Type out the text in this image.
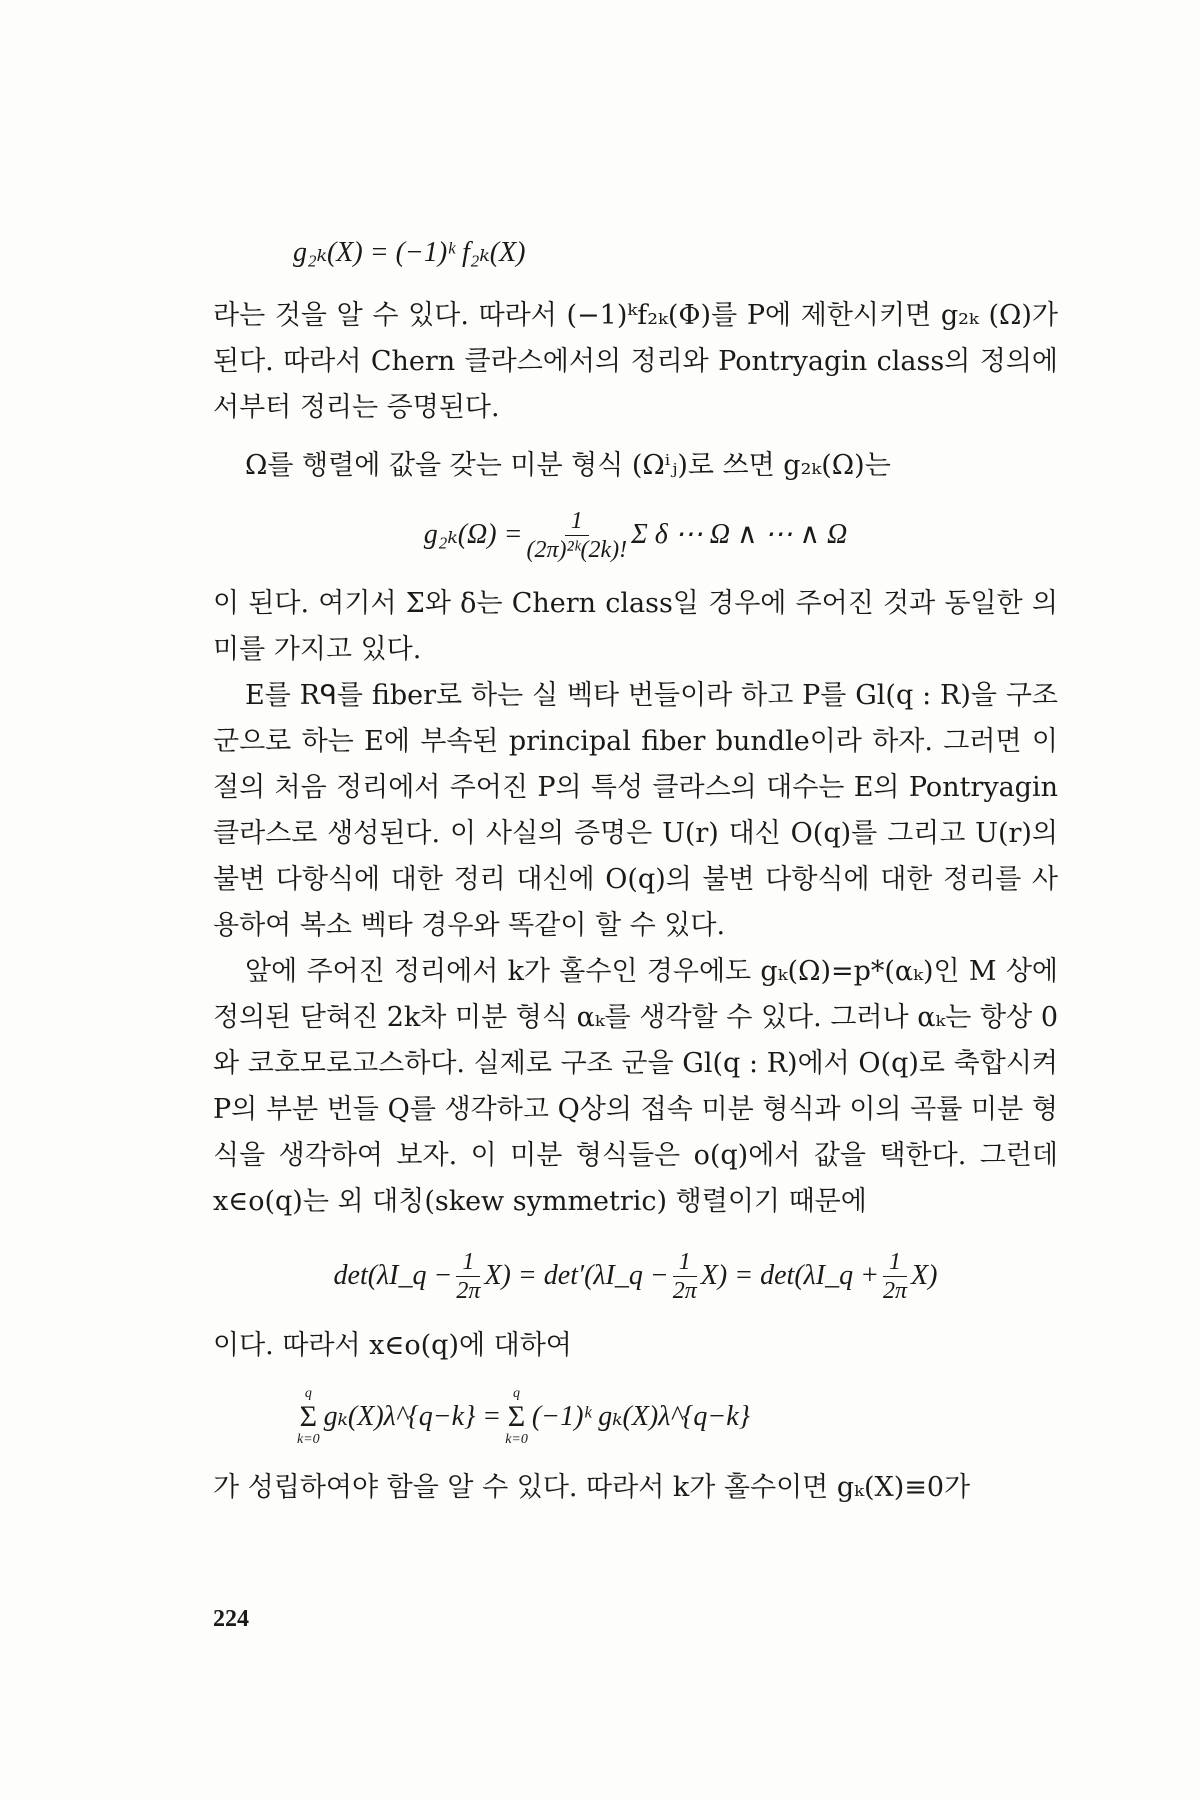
g₂ₖ(X) = (−1)ᵏ f₂ₖ(X)

라는 것을 알 수 있다. 따라서 (−1)ᵏf₂ₖ(Φ)를 P에 제한시키면 g₂ₖ (Ω)가 된다. 따라서 Chern 클라스에서의 정리와 Pontryagin class의 정의에서부터 정리는 증명된다.

Ω를 행렬에 값을 갖는 미분 형식 (Ωⁱⱼ)로 쓰면 g₂ₖ(Ω)는

$g_{2k}(\Omega) = \frac{1}{\text{(2π)²ᵏ(2k)!}}$ Σ δ ⋯ Ω ∧ ⋯ ∧ Ω

이 된다. 여기서 Σ와 δ는 Chern class일 경우에 주어진 것과 동일한 의미를 가지고 있다.

E를 Rᑫ를 fiber로 하는 실 벡타 번들이라 하고 P를 Gl(q : R)을 구조 군으로 하는 E에 부속된 principal fiber bundle이라 하자. 그러면 이 절의 처음 정리에서 주어진 P의 특성 클라스의 대수는 E의 Pontryagin 클라스로 생성된다. 이 사실의 증명은 U(r) 대신 O(q)를 그리고 U(r)의 불변 다항식에 대한 정리 대신에 O(q)의 불변 다항식에 대한 정리를 사용하여 복소 벡타 경우와 똑같이 할 수 있다.

앞에 주어진 정리에서 k가 홀수인 경우에도 gₖ(Ω)=p*(αₖ)인 M 상에 정의된 닫혀진 2k차 미분 형식 αₖ를 생각할 수 있다. 그러나 αₖ는 항상 0와 코호모로고스하다. 실제로 구조 군을 Gl(q : R)에서 O(q)로 축합시켜 P의 부분 번들 Q를 생각하고 Q상의 접속 미분 형식과 이의 곡률 미분 형식을 생각하여 보자. 이 미분 형식들은 o(q)에서 값을 택한다. 그런데 x∈o(q)는 외 대칭(skew symmetric) 행렬이기 때문에

det(λI_q − $\frac{1}{2\pi} X$) = det′(λI_q − $\frac{1}{2\pi} X$) = det(λI_q + $\frac{1}{2\pi} X$)

이다. 따라서 x∈o(q)에 대하여

q
Σ
k=0
gₖ(X)λ^{q−k} =
q
Σ
k=0
(−1)ᵏ gₖ(X)λ^{q−k}

가 성립하여야 함을 알 수 있다. 따라서 k가 홀수이면 gₖ(X)≡0가

224
